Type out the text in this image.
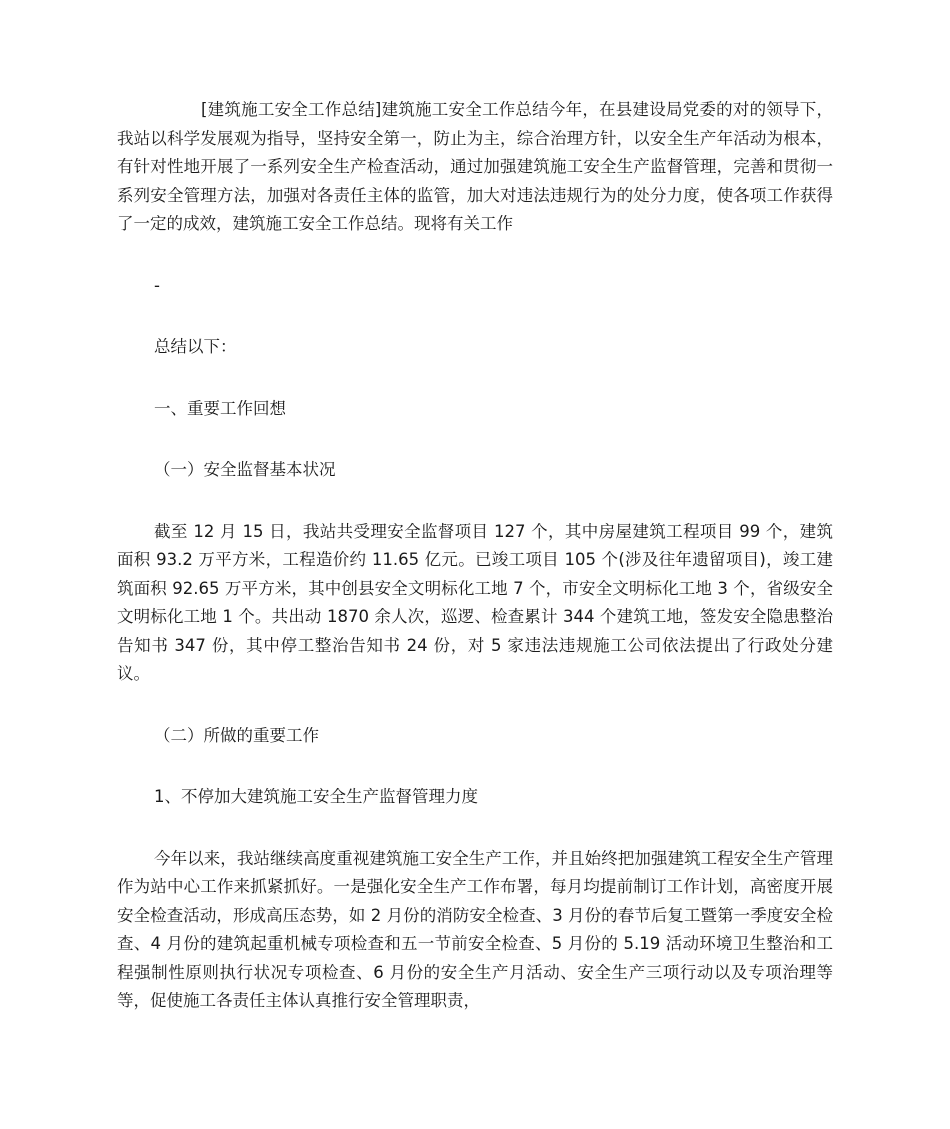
[建筑施工安全工作总结]建筑施工安全工作总结今年，在县建设局党委的对的领导下，我站以科学发展观为指导，坚持安全第一，防止为主，综合治理方针，以安全生产年活动为根本，有针对性地开展了一系列安全生产检查活动，通过加强建筑施工安全生产监督管理，完善和贯彻一系列安全管理方法，加强对各责任主体的监管，加大对违法违规行为的处分力度，使各项工作获得了一定的成效，建筑施工安全工作总结。现将有关工作

-

总结以下：

一、重要工作回想

（一）安全监督基本状况

截至 12 月 15 日，我站共受理安全监督项目 127 个，其中房屋建筑工程项目 99 个，建筑面积 93.2 万平方米，工程造价约 11.65 亿元。已竣工项目 105 个(涉及往年遗留项目)，竣工建筑面积 92.65 万平方米，其中创县安全文明标化工地 7 个，市安全文明标化工地 3 个，省级安全文明标化工地 1 个。共出动 1870 余人次，巡逻、检查累计 344 个建筑工地，签发安全隐患整治告知书 347 份，其中停工整治告知书 24 份，对 5 家违法违规施工公司依法提出了行政处分建议。

（二）所做的重要工作

1、不停加大建筑施工安全生产监督管理力度

今年以来，我站继续高度重视建筑施工安全生产工作，并且始终把加强建筑工程安全生产管理作为站中心工作来抓紧抓好。一是强化安全生产工作布署，每月均提前制订工作计划，高密度开展安全检查活动，形成高压态势，如 2 月份的消防安全检查、3 月份的春节后复工暨第一季度安全检查、4 月份的建筑起重机械专项检查和五一节前安全检查、5 月份的 5.19 活动环境卫生整治和工程强制性原则执行状况专项检查、6 月份的安全生产月活动、安全生产三项行动以及专项治理等等，促使施工各责任主体认真推行安全管理职责，
